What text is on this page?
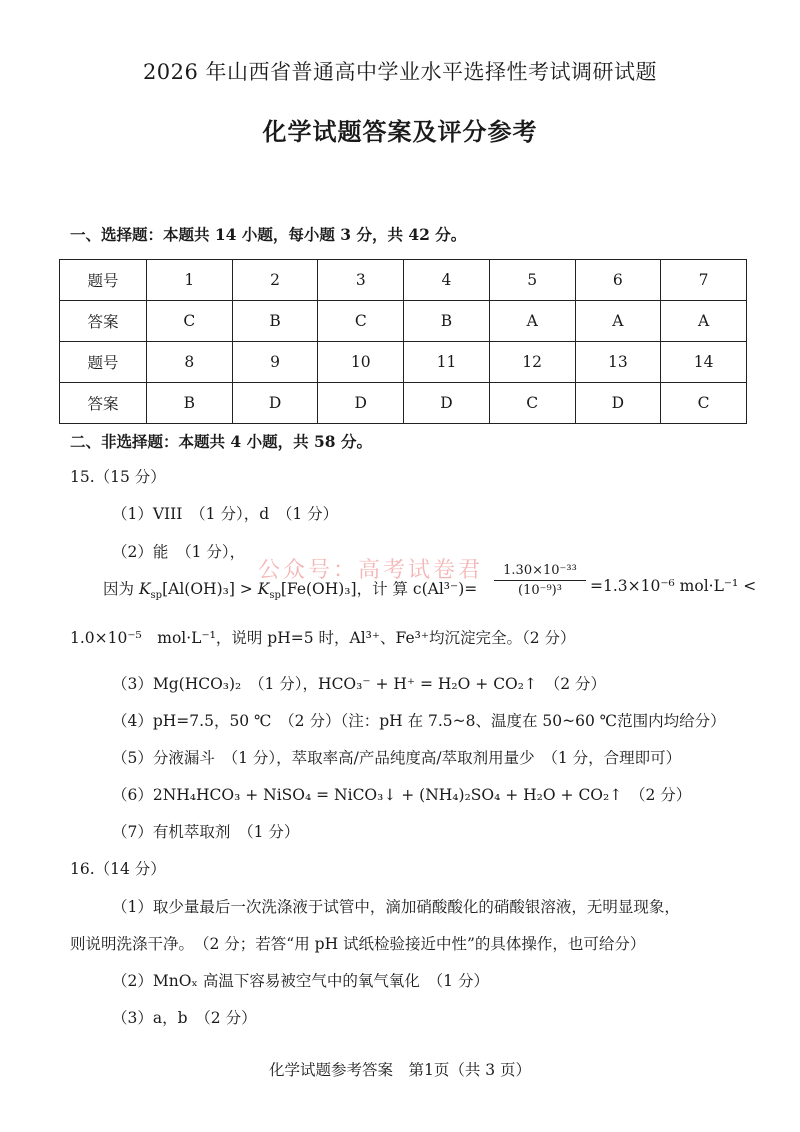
2026 年山西省普通高中学业水平选择性考试调研试题
化学试题答案及评分参考
一、选择题：本题共 14 小题，每小题 3 分，共 42 分。
题号	1	2	3	4	5	6	7
答案	C	B	C	B	A	A	A
题号	8	9	10	11	12	13	14
答案	B	D	D	D	C	D	C
二、非选择题：本题共 4 小题，共 58 分。
15.（15 分）
（1）VIII　（1 分），d　（1 分）
（2）能　（1 分），
公众号：高考试卷君
因为 $K_{sp}[Al(OH)_3] > K_{sp}[Fe(OH)_3]$，计 算 c(Al³⁻)=
1.30×10⁻³³
(10⁻⁹)³	=1.3×10⁻⁶ mol·L⁻¹ <
1.0×10⁻⁵　mol·L⁻¹，说明 pH=5 时，Al³⁺、Fe³⁺均沉淀完全。（2 分）
（3）Mg(HCO₃)₂　（1 分），HCO₃⁻ + H⁺ = H₂O + CO₂↑　（2 分）
（4）pH=7.5，50 ℃　（2 分）（注：pH 在 7.5~8、温度在 50~60 ℃范围内均给分）
（5）分液漏斗　（1 分），萃取率高/产品纯度高/萃取剂用量少　（1 分，合理即可）
（6）2NH₄HCO₃ + NiSO₄ = NiCO₃↓ + (NH₄)₂SO₄ + H₂O + CO₂↑　（2 分）
（7）有机萃取剂　（1 分）
16.（14 分）
（1）取少量最后一次洗涤液于试管中，滴加硝酸酸化的硝酸银溶液，无明显现象，
则说明洗涤干净。　（2 分；若答“用 pH 试纸检验接近中性”的具体操作，也可给分）
（2）MnOₓ 高温下容易被空气中的氧气氧化　（1 分）
（3）a，b　（2 分）
化学试题参考答案　第1页（共 3 页）
